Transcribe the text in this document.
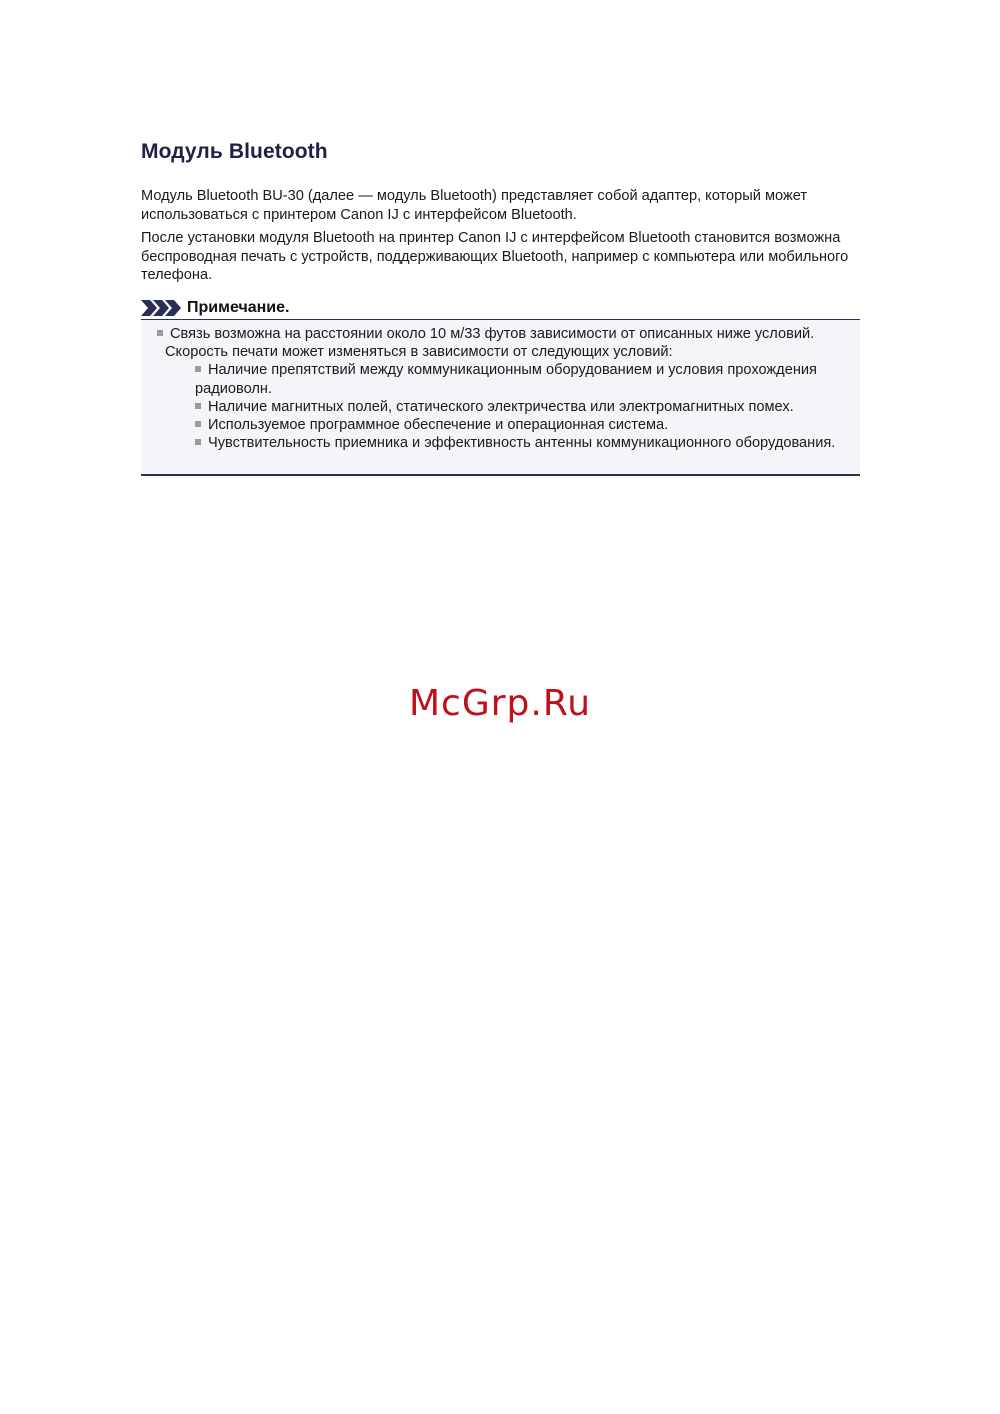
Модуль Bluetooth

Модуль Bluetooth BU-30 (далее — модуль Bluetooth) представляет собой адаптер, который может использоваться с принтером Canon IJ с интерфейсом Bluetooth.

После установки модуля Bluetooth на принтер Canon IJ с интерфейсом Bluetooth становится возможна беспроводная печать с устройств, поддерживающих Bluetooth, например с компьютера или мобильного телефона.

Примечание.
Связь возможна на расстоянии около 10 м/33 футов зависимости от описанных ниже условий.
Скорость печати может изменяться в зависимости от следующих условий:
Наличие препятствий между коммуникационным оборудованием и условия прохождения радиоволн.
Наличие магнитных полей, статического электричества или электромагнитных помех.
Используемое программное обеспечение и операционная система.
Чувствительность приемника и эффективность антенны коммуникационного оборудования.
McGrp.Ru
